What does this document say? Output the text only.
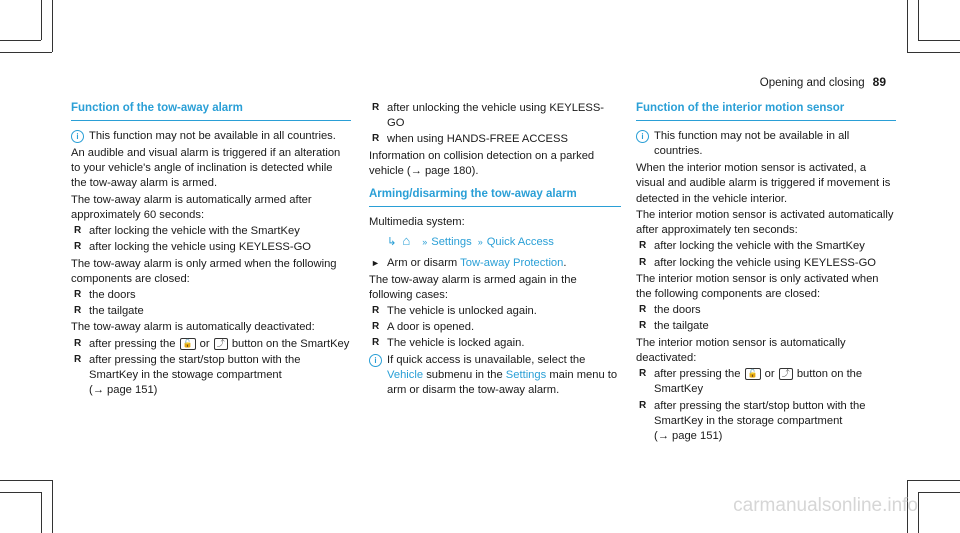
Opening and closing 89
Function of the tow-away alarm
i This function may not be available in all countries.

An audible and visual alarm is triggered if an alteration to your vehicle's angle of inclination is detected while the tow-away alarm is armed.

The tow-away alarm is automatically armed after approximately 60 seconds:

R after locking the vehicle with the SmartKey
R after locking the vehicle using KEYLESS-GO

The tow-away alarm is only armed when the following components are closed:

R the doors
R the tailgate

The tow-away alarm is automatically deactivated:

R after pressing the 🔓 or ⤴ button on the SmartKey
R after pressing the start/stop button with the SmartKey in the stowage compartment
(→ page 151)
R after unlocking the vehicle using KEYLESS-GO
R when using HANDS-FREE ACCESS

Information on collision detection on a parked vehicle (→ page 180).

Arming/disarming the tow-away alarm

Multimedia system:

↳ ⌂ » Settings » Quick Access
► Arm or disarm Tow-away Protection.

The tow-away alarm is armed again in the following cases:

R The vehicle is unlocked again.
R A door is opened.
R The vehicle is locked again.
i If quick access is unavailable, select the Vehicle submenu in the Settings main menu to arm or disarm the tow-away alarm.
Function of the interior motion sensor
i This function may not be available in all countries.

When the interior motion sensor is activated, a visual and audible alarm is triggered if movement is detected in the vehicle interior.

The interior motion sensor is activated automatically after approximately ten seconds:

R after locking the vehicle with the SmartKey
R after locking the vehicle using KEYLESS-GO

The interior motion sensor is only activated when the following components are closed:

R the doors
R the tailgate

The interior motion sensor is automatically deactivated:

R after pressing the 🔓 or ⤴ button on the SmartKey
R after pressing the start/stop button with the SmartKey in the storage compartment
(→ page 151)
carmanualsonline.info
